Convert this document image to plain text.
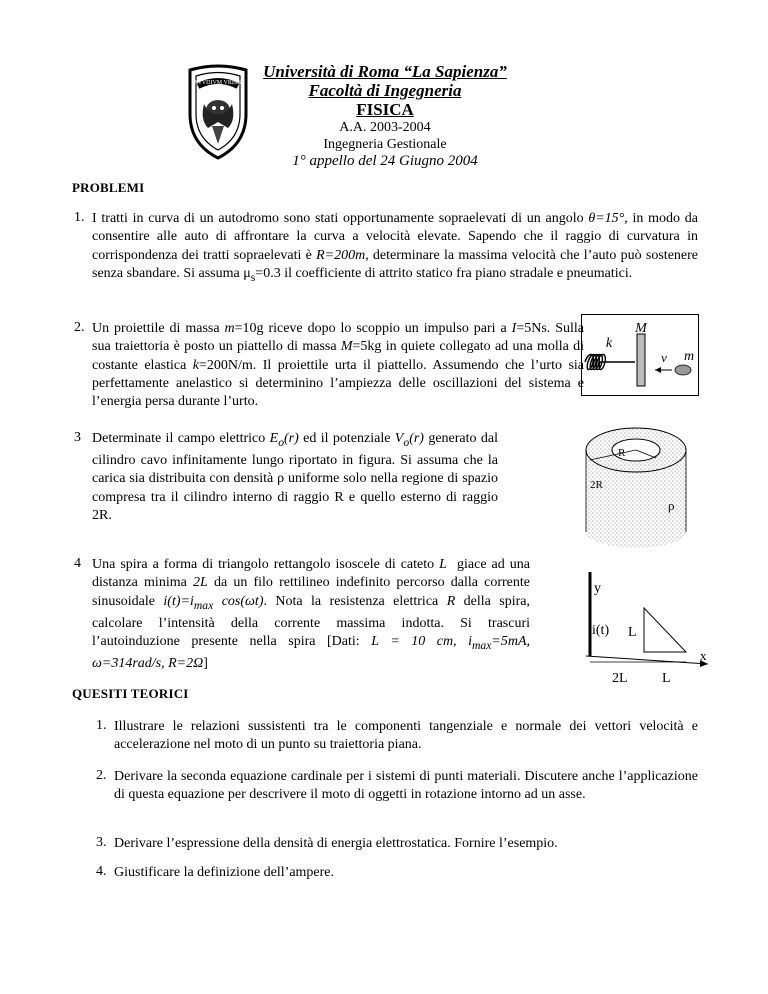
STVDIVM VRBIS
Università di Roma “La Sapienza”
Facoltà di Ingegneria
FISICA
A.A. 2003-2004
Ingegneria Gestionale
1° appello del 24 Giugno 2004
PROBLEMI
1. I tratti in curva di un autodromo sono stati opportunamente sopraelevati di un angolo θ=15°, in modo da consentire alle auto di affrontare la curva a velocità elevate. Sapendo che il raggio di curvatura in corrispondenza dei tratti sopraelevati è R=200m, determinare la massima velocità che l’auto può sostenere senza sbandare. Si assuma $\mu_s=0.3$ il coefficiente di attrito statico fra piano stradale e pneumatici.
2. Un proiettile di massa m=10g riceve dopo lo scoppio un impulso pari a I=5Ns. Sulla sua traiettoria è posto un piattello di massa M=5kg in quiete collegato ad una molla di costante elastica k=200N/m. Il proiettile urta il piattello. Assumendo che l’urto sia perfettamente anelastico si determinino l’ampiezza delle oscillazioni del sistema e l’energia persa durante l’urto.
M
k
v m
3 Determinate il campo elettrico $E_o(r)$ ed il potenziale $V_o(r)$ generato dal cilindro cavo infinitamente lungo riportato in figura. Si assuma che la carica sia distribuita con densità ρ uniforme solo nella regione di spazio compresa tra il cilindro interno di raggio R e quello esterno di raggio 2R.
R
2R
ρ
4 Una spira a forma di triangolo rettangolo isoscele di cateto L  giace ad una distanza minima 2L da un filo rettilineo indefinito percorso dalla corrente sinusoidale $i(t)=i_{max}$ cos(ωt). Nota la resistenza elettrica R della spira, calcolare l’intensità della corrente massima indotta. Si trascuri l’autoinduzione presente nella spira [Dati: L = 10 cm, $i_{max}=5mA$, ω=314rad/s, R=2Ω]
y
i(t) L
2L L
x
QUESITI TEORICI
1. Illustrare le relazioni sussistenti tra le componenti tangenziale e normale dei vettori velocità e accelerazione nel moto di un punto su traiettoria piana.
2. Derivare la seconda equazione cardinale per i sistemi di punti materiali. Discutere anche l’applicazione di questa equazione per descrivere il moto di oggetti in rotazione intorno ad un asse.
3. Derivare l’espressione della densità di energia elettrostatica. Fornire l’esempio.
4. Giustificare la definizione dell’ampere.
